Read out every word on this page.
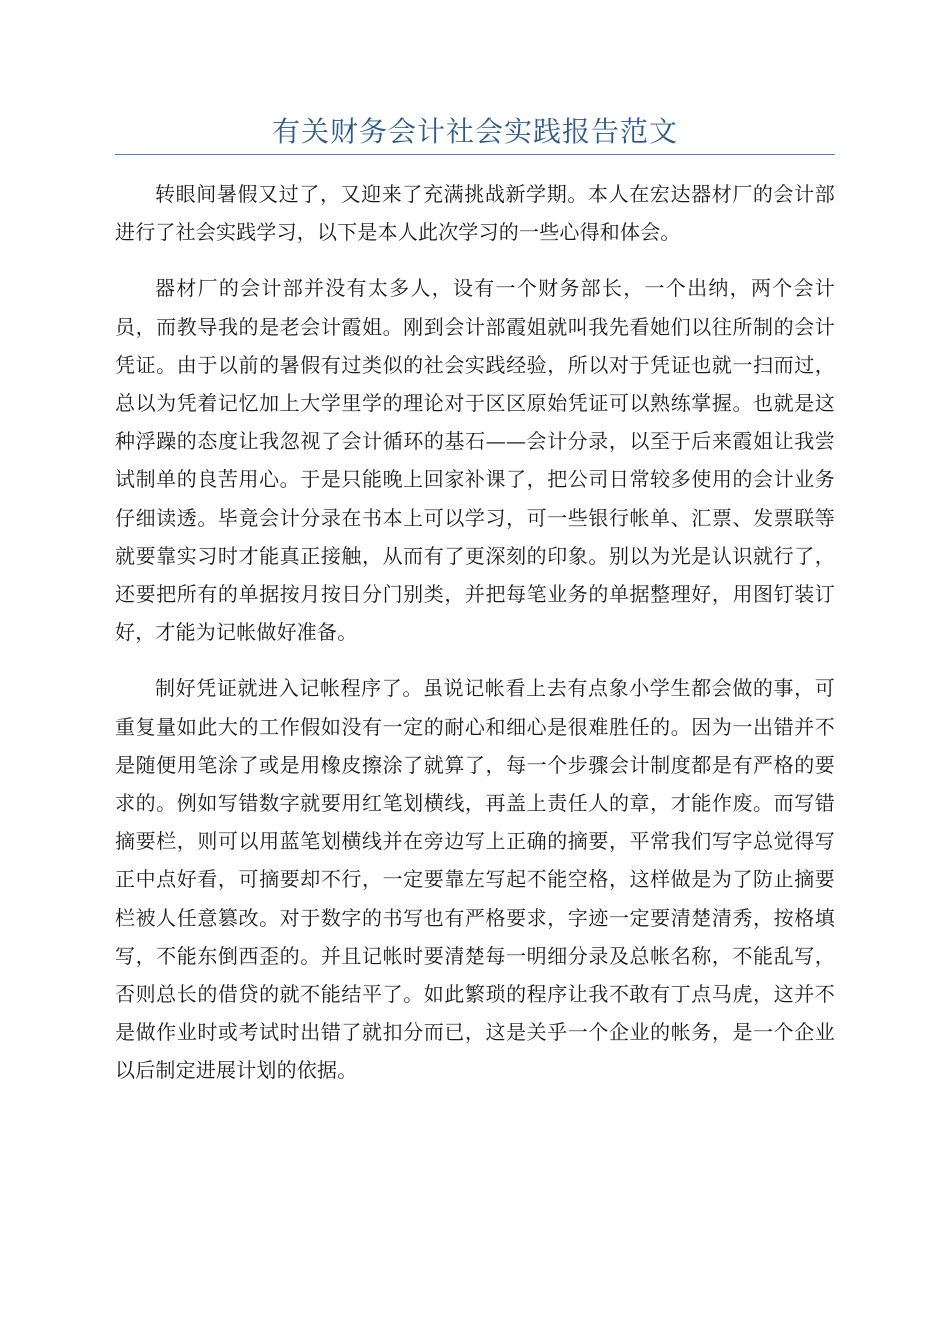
有关财务会计社会实践报告范文

转眼间暑假又过了，又迎来了充满挑战新学期。本人在宏达器材厂的会计部进行了社会实践学习，以下是本人此次学习的一些心得和体会。

器材厂的会计部并没有太多人，设有一个财务部长，一个出纳，两个会计员，而教导我的是老会计霞姐。刚到会计部霞姐就叫我先看她们以往所制的会计凭证。由于以前的暑假有过类似的社会实践经验，所以对于凭证也就一扫而过，总以为凭着记忆加上大学里学的理论对于区区原始凭证可以熟练掌握。也就是这种浮躁的态度让我忽视了会计循环的基石——会计分录，以至于后来霞姐让我尝试制单的良苦用心。于是只能晚上回家补课了，把公司日常较多使用的会计业务仔细读透。毕竟会计分录在书本上可以学习，可一些银行帐单、汇票、发票联等就要靠实习时才能真正接触，从而有了更深刻的印象。别以为光是认识就行了，还要把所有的单据按月按日分门别类，并把每笔业务的单据整理好，用图钉装订好，才能为记帐做好准备。

制好凭证就进入记帐程序了。虽说记帐看上去有点象小学生都会做的事，可重复量如此大的工作假如没有一定的耐心和细心是很难胜任的。因为一出错并不是随便用笔涂了或是用橡皮擦涂了就算了，每一个步骤会计制度都是有严格的要求的。例如写错数字就要用红笔划横线，再盖上责任人的章，才能作废。而写错摘要栏，则可以用蓝笔划横线并在旁边写上正确的摘要，平常我们写字总觉得写正中点好看，可摘要却不行，一定要靠左写起不能空格，这样做是为了防止摘要栏被人任意篡改。对于数字的书写也有严格要求，字迹一定要清楚清秀，按格填写，不能东倒西歪的。并且记帐时要清楚每一明细分录及总帐名称，不能乱写，否则总长的借贷的就不能结平了。如此繁琐的程序让我不敢有丁点马虎，这并不是做作业时或考试时出错了就扣分而已，这是关乎一个企业的帐务，是一个企业以后制定进展计划的依据。
